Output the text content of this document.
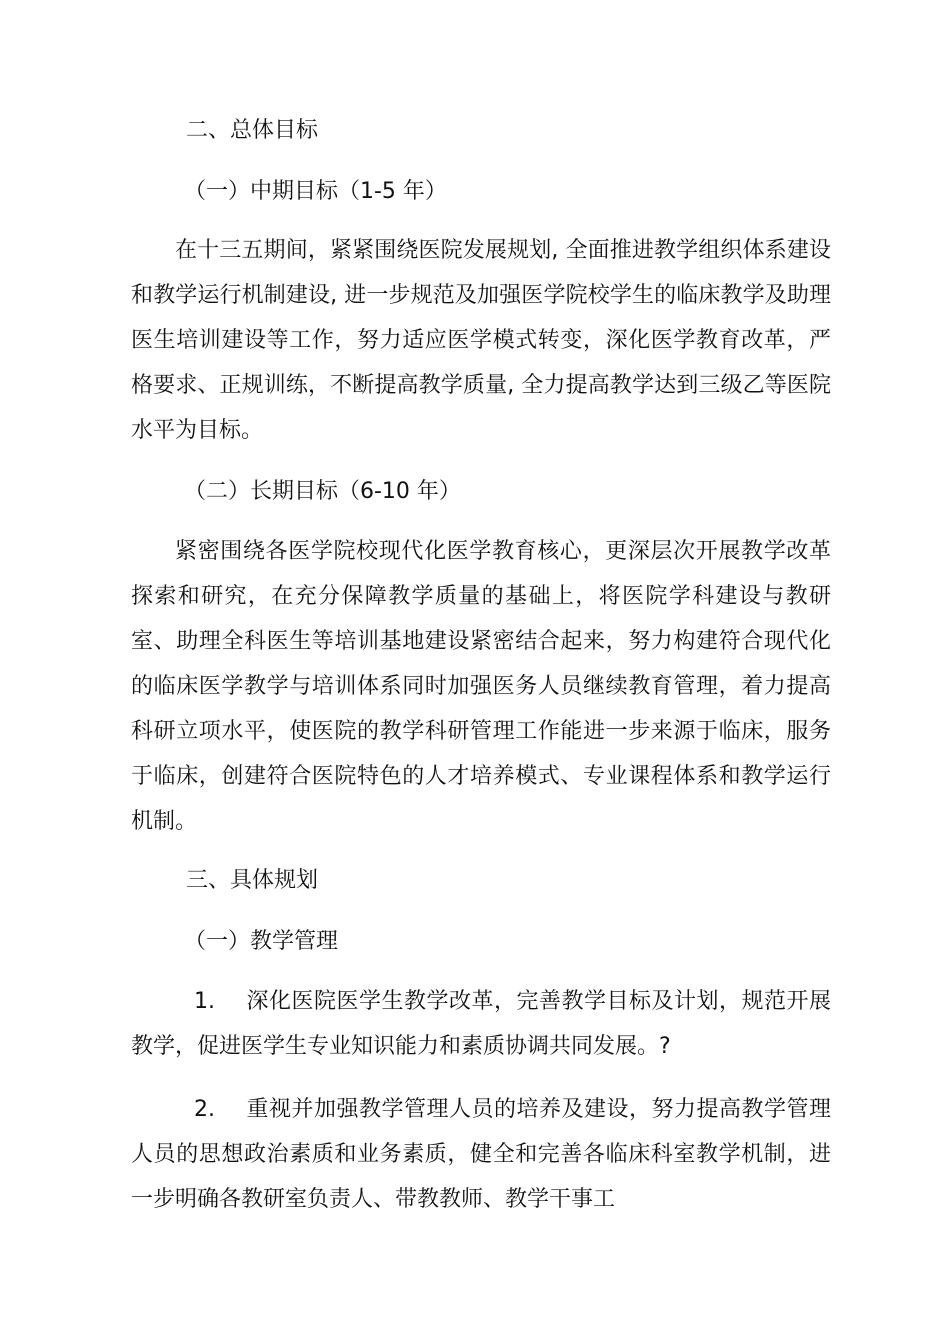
二、总体目标
（一）中期目标（1-5 年）
在十三五期间，紧紧围绕医院发展规划, 全面推进教学组织体系建设和教学运行机制建设, 进一步规范及加强医学院校学生的临床教学及助理医生培训建设等工作，努力适应医学模式转变，深化医学教育改革，严格要求、正规训练，不断提高教学质量, 全力提高教学达到三级乙等医院水平为目标。
（二）长期目标（6-10 年）
紧密围绕各医学院校现代化医学教育核心，更深层次开展教学改革探索和研究，在充分保障教学质量的基础上，将医院学科建设与教研室、助理全科医生等培训基地建设紧密结合起来，努力构建符合现代化的临床医学教学与培训体系同时加强医务人员继续教育管理，着力提高科研立项水平，使医院的教学科研管理工作能进一步来源于临床，服务于临床，创建符合医院特色的人才培养模式、专业课程体系和教学运行机制。
三、具体规划
（一）教学管理
1. 深化医院医学生教学改革，完善教学目标及计划，规范开展教学，促进医学生专业知识能力和素质协调共同发展。?
2. 重视并加强教学管理人员的培养及建设，努力提高教学管理人员的思想政治素质和业务素质，健全和完善各临床科室教学机制，进一步明确各教研室负责人、带教教师、教学干事工
